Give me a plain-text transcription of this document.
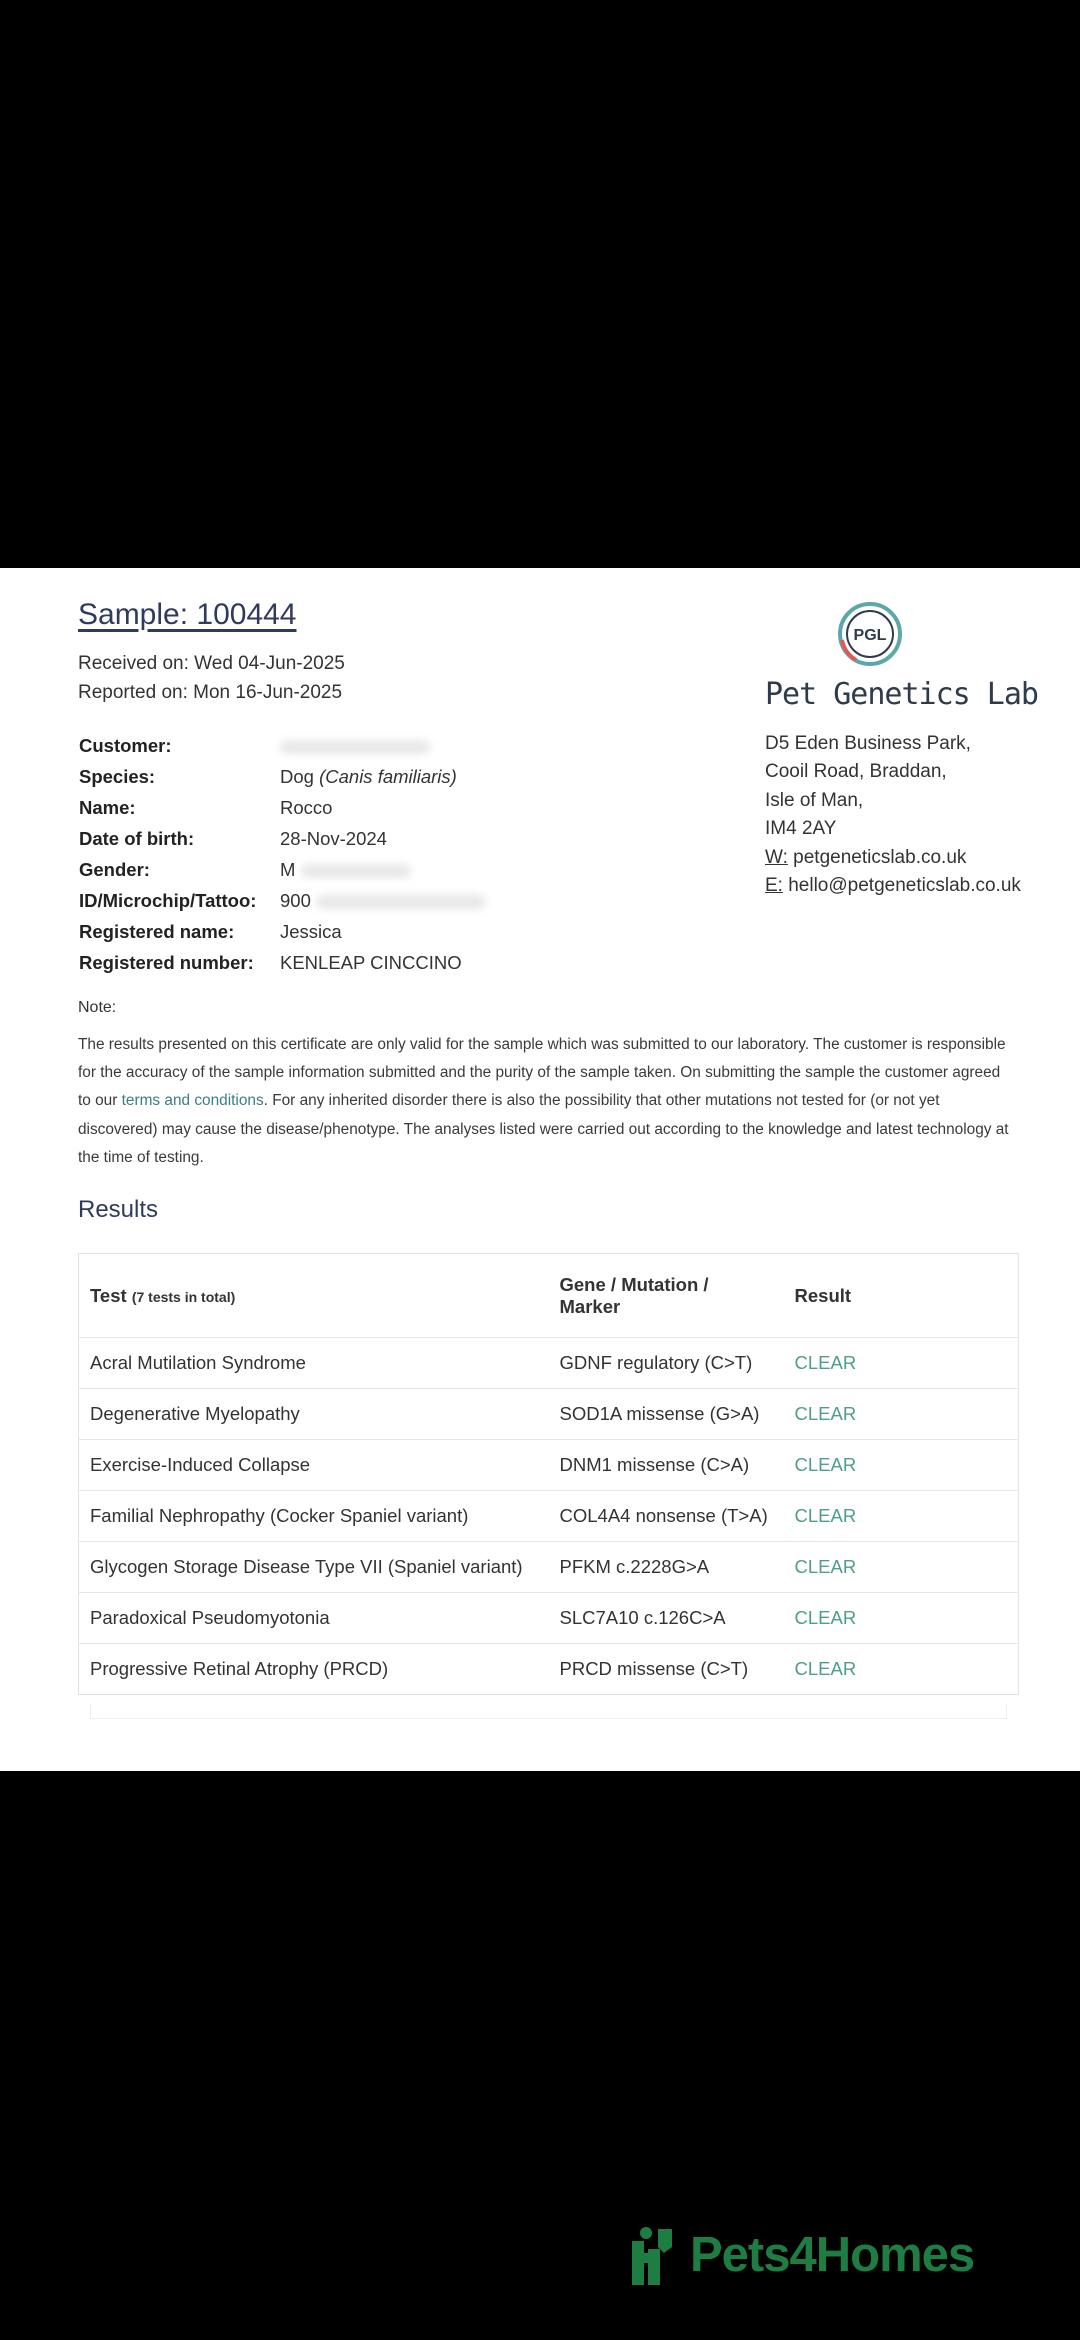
Sample: 100444
Received on: Wed 04-Jun-2025
Reported on: Mon 16-Jun-2025
PGL
Pet Genetics Lab
D5 Eden Business Park,
Cooil Road, Braddan,
Isle of Man,
IM4 2AY
W: petgeneticslab.co.uk
E: hello@petgeneticslab.co.uk
Customer:	
Species:	Dog (Canis familiaris)
Name:	Rocco
Date of birth:	28-Nov-2024
Gender:	M
ID/Microchip/Tattoo:	900
Registered name:	Jessica
Registered number:	KENLEAP CINCCINO
Note:
The results presented on this certificate are only valid for the sample which was submitted to our laboratory. The customer is responsible for the accuracy of the sample information submitted and the purity of the sample taken. On submitting the sample the customer agreed to our terms and conditions. For any inherited disorder there is also the possibility that other mutations not tested for (or not yet discovered) may cause the disease/phenotype. The analyses listed were carried out according to the knowledge and latest technology at the time of testing.
Results
Test (7 tests in total)	Gene / Mutation / Marker	Result
Acral Mutilation Syndrome	GDNF regulatory (C>T)	CLEAR
Degenerative Myelopathy	SOD1A missense (G>A)	CLEAR
Exercise-Induced Collapse	DNM1 missense (C>A)	CLEAR
Familial Nephropathy (Cocker Spaniel variant)	COL4A4 nonsense (T>A)	CLEAR
Glycogen Storage Disease Type VII (Spaniel variant)	PFKM c.2228G>A	CLEAR
Paradoxical Pseudomyotonia	SLC7A10 c.126C>A	CLEAR
Progressive Retinal Atrophy (PRCD)	PRCD missense (C>T)	CLEAR
Pets4Homes
